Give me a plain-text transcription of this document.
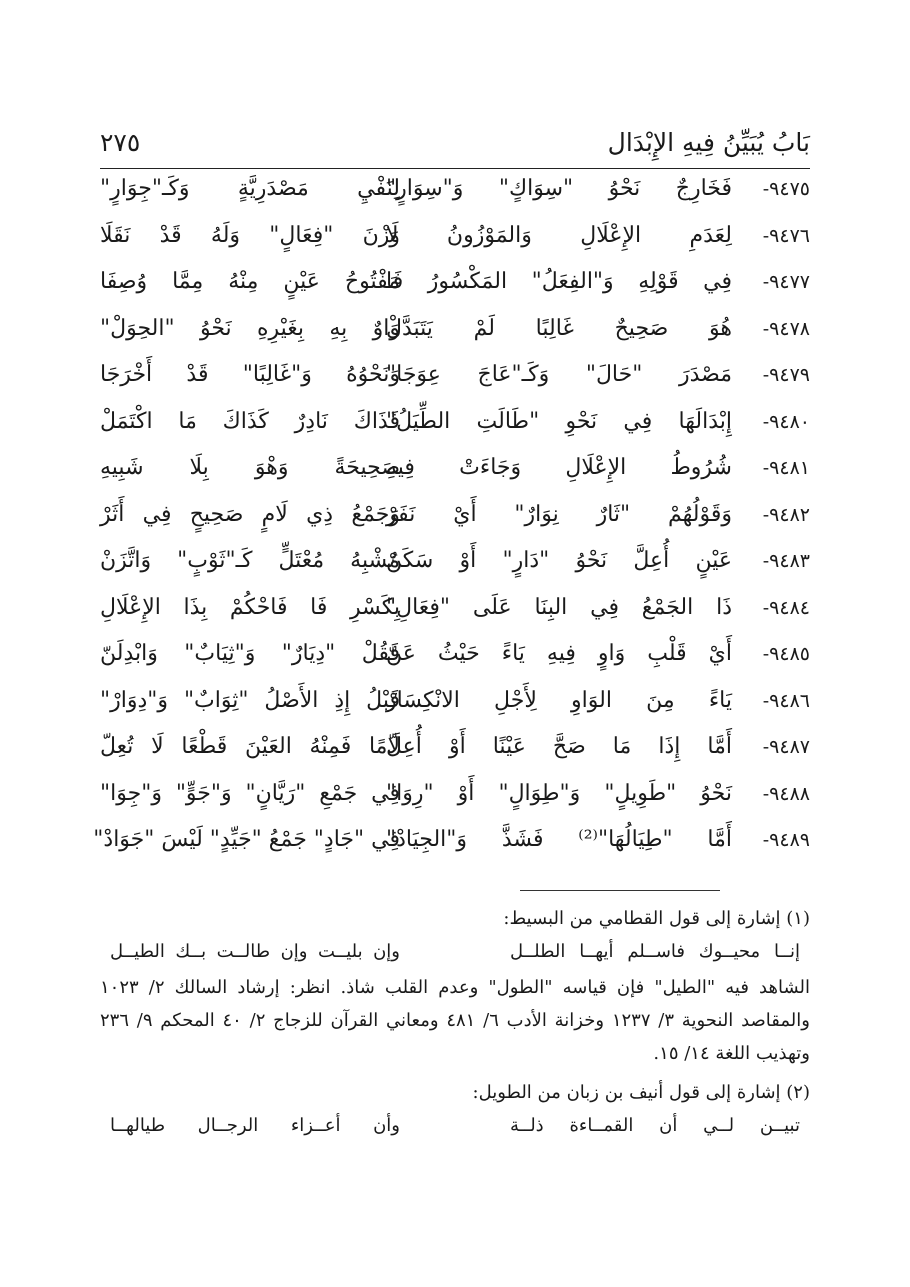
بَابُ يُبَيِّنُ فِيهِ الإِبْدَال
٢٧٥
٩٤٧٥-
فَخَارِجٌ نَحْوُ "سِوَاكٍ" وَ"سِوَارٍ"
لِنَفْيِ مَصْدَرِيَّةٍ وَكَـ"جِوَارٍ"
٩٤٧٦-
لِعَدَمِ الإِعْلَالِ وَالمَوْزُونُ لَا
وَزْنَ "فِعَالٍ" وَلَهُ قَدْ نَقَلَا
٩٤٧٧-
فِي قَوْلِهِ وَ"الفِعَلُ" المَكْسُورُ فَا
مَفْتُوحُ عَيْنٍ مِنْهُ مِمَّا وُصِفَا
٩٤٧٨-
هُوَ صَحِيحٌ غَالِبًا لَمْ يَتَبَدَّلْ
وَاوٌ بِهِ بِغَيْرِهِ نَحْوُ "الحِوَلْ"
٩٤٧٩-
مَصْدَرَ "حَالَ" وَكَـ"عَاجَ عِوَجَا"
وَنَحْوُهُ وَ"غَالِبًا" قَدْ أَخْرَجَا
٩٤٨٠-
إِبْدَالَهَا فِي نَحْوِ "طَالَتِ الطِّيَلُ"
فَذَاكَ نَادِرٌ كَذَاكَ مَا اكْتَمَلْ
٩٤٨١-
شُرُوطُ الإِعْلَالِ وَجَاءَتْ فِيهِ
صَحِيحَةً وَهْوَ بِلَا شَبِيهِ
٩٤٨٢-
وَقَوْلُهُمْ "ثَارٌ نِوَارٌ" أَيْ نَفَرْ
وَجَمْعُ ذِي لَامٍ صَحِيحٍ فِي أَثَرْ
٩٤٨٣-
عَيْنٍ أُعِلَّ نَحْوُ "دَارٍ" أَوْ سَكَنْ
مُشْبِهُ مُعْتَلٍّ كَـ"ثَوْبٍ" وَاتَّزَنْ
٩٤٨٤-
ذَا الجَمْعُ فِي البِنَا عَلَى "فِعَالِ"
بِكَسْرِ فَا فَاحْكُمْ بِذَا الإِعْلَالِ
٩٤٨٥-
أَيْ قَلْبِ وَاوٍ فِيهِ يَاءً حَيْثُ عَنّ
فَقُلْ "دِيَارٌ" وَ"ثِيَابٌ" وَابْدِلَنّ
٩٤٨٦-
يَاءً مِنَ الوَاوِ لِأَجْلِ الانْكِسَارْ
قَبْلُ إِذِ الأَصْلُ "ثِوَابٌ" وَ"دِوَارْ"
٩٤٨٧-
أَمَّا إِذَا مَا صَحَّ عَيْنًا أَوْ أُعِلّ
لَامًا فَمِنْهُ العَيْنَ قَطْعًا لَا تُعِلّ
٩٤٨٨-
نَحْوُ "طَوِيلٍ" وَ"طِوَالٍ" أَوْ "رِوَا"
فِي جَمْعِ "رَيَّانٍ" وَ"جَوٍّ" وَ"جِوَا"
٩٤٨٩-
أَمَّا "طِيَالُهَا"⁽²⁾ فَشَذَّ وَ"الجِيَادْ"
فِي "جَادٍ" جَمْعُ "جَيِّدٍ" لَيْسَ "جَوَادْ"

(١) إشارة إلى قول القطامي من البسيط:

إنــا محيــوك فاســلم أيهــا الطلــل
وإن بليــت وإن طالــت بــك الطيــل

الشاهد فيه "الطيل" فإن قياسه "الطول" وعدم القلب شاذ. انظر: إرشاد السالك ٢/ ١٠٢٣ والمقاصد النحوية ٣/ ١٢٣٧ وخزانة الأدب ٦/ ٤٨١ ومعاني القرآن للزجاج ٢/ ٤٠ المحكم ٩/ ٢٣٦ وتهذيب اللغة ١٤/ ١٥.

(٢) إشارة إلى قول أنيف بن زبان من الطويل:

تبيــن لــي أن القمــاءة ذلــة
وأن أعــزاء الرجــال طيالهــا
